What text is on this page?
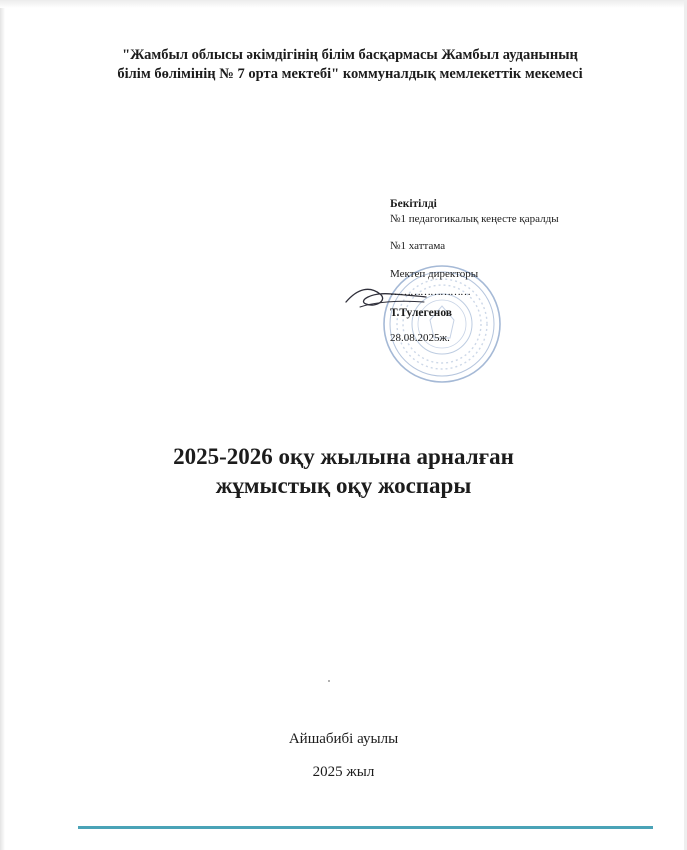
"Жамбыл облысы әкімдігінің білім басқармасы Жамбыл ауданының
білім бөлімінің № 7 орта мектебі" коммуналдық мемлекеттік мекемесі
Бекітілді
№1 педагогикалық кеңесте қаралды
№1 хаттама
Мектеп директоры
……………………
Т.Тулегенов
28.08.2025ж.
2025-2026 оқу жылына арналған
жұмыстық оқу жоспары
Айшабибі ауылы
2025 жыл
